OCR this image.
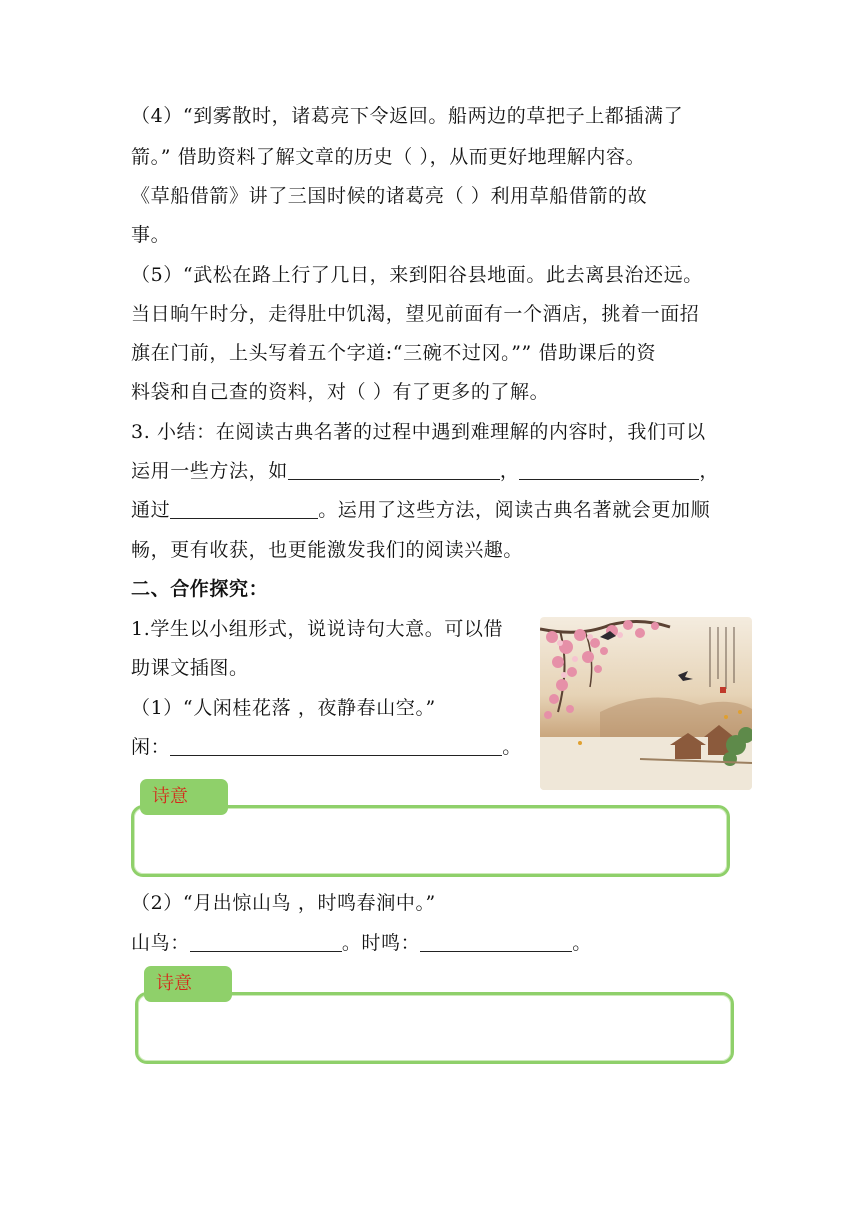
（4）“到雾散时，诸葛亮下令返回。船两边的草把子上都插满了
箭。” 借助资料了解文章的历史（ ），从而更好地理解内容。
《草船借箭》讲了三国时候的诸葛亮（ ）利用草船借箭的故
事。
（5）“武松在路上行了几日，来到阳谷县地面。此去离县治还远。
当日晌午时分，走得肚中饥渴，望见前面有一个酒店，挑着一面招
旗在门前，上头写着五个字道:“三碗不过冈。”” 借助课后的资
料袋和自己查的资料，对（ ）有了更多的了解。
3. 小结：在阅读古典名著的过程中遇到难理解的内容时，我们可以
运用一些方法，如	，	，
通过	。运用了这些方法，阅读古典名著就会更加顺
畅，更有收获，也更能激发我们的阅读兴趣。
二、合作探究：
1.学生以小组形式，说说诗句大意。可以借
助课文插图。
（1）“人闲桂花落 ，夜静春山空。”
闲：	。
诗意
（2）“月出惊山鸟 ，时鸣春涧中。”
山鸟：	。时鸣：	。
诗意
